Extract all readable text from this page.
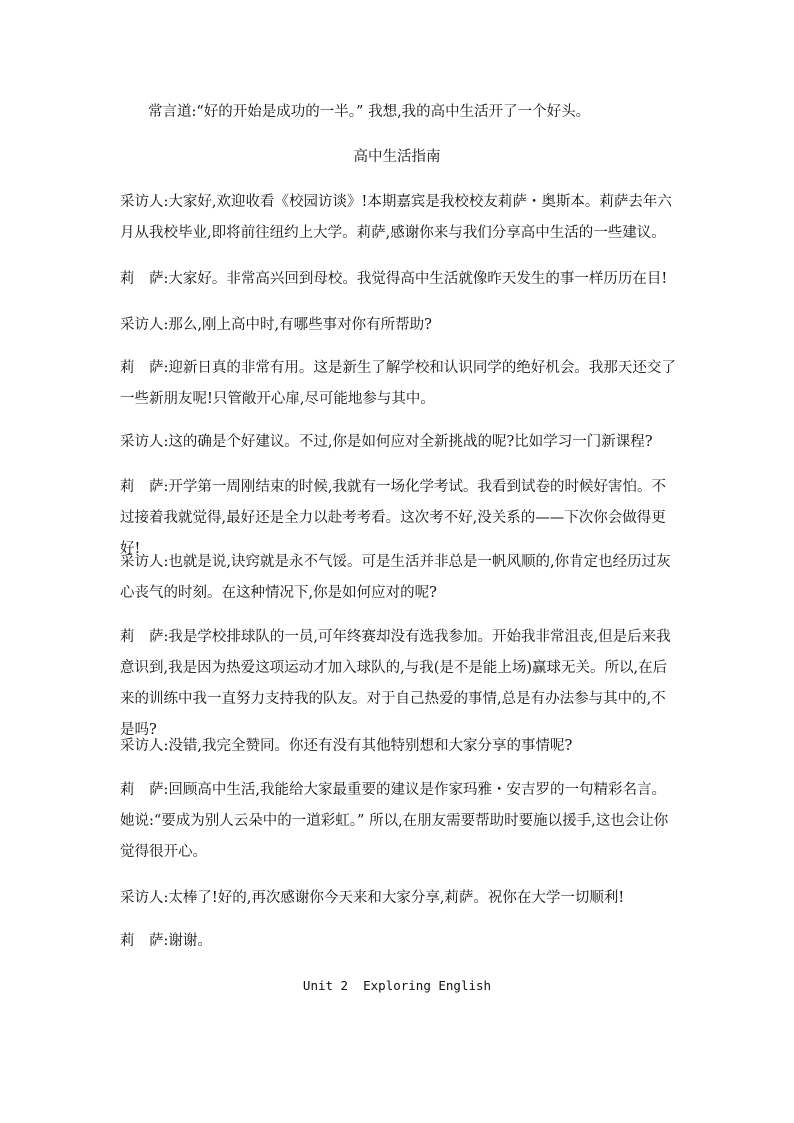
常言道:“好的开始是成功的一半。” 我想,我的高中生活开了一个好头。

高中生活指南

采访人:大家好,欢迎收看《校园访谈》!本期嘉宾是我校校友莉萨・奥斯本。莉萨去年六月从我校毕业,即将前往纽约上大学。莉萨,感谢你来与我们分享高中生活的一些建议。

莉　萨:大家好。非常高兴回到母校。我觉得高中生活就像昨天发生的事一样历历在目!

采访人:那么,刚上高中时,有哪些事对你有所帮助?

莉　萨:迎新日真的非常有用。这是新生了解学校和认识同学的绝好机会。我那天还交了一些新朋友呢!只管敞开心扉,尽可能地参与其中。

采访人:这的确是个好建议。不过,你是如何应对全新挑战的呢?比如学习一门新课程?

莉　萨:开学第一周刚结束的时候,我就有一场化学考试。我看到试卷的时候好害怕。不过接着我就觉得,最好还是全力以赴考考看。这次考不好,没关系的——下次你会做得更好!

采访人:也就是说,诀窍就是永不气馁。可是生活并非总是一帆风顺的,你肯定也经历过灰心丧气的时刻。在这种情况下,你是如何应对的呢?

莉　萨:我是学校排球队的一员,可年终赛却没有选我参加。开始我非常沮丧,但是后来我意识到,我是因为热爱这项运动才加入球队的,与我(是不是能上场)赢球无关。所以,在后来的训练中我一直努力支持我的队友。对于自己热爱的事情,总是有办法参与其中的,不是吗?

采访人:没错,我完全赞同。你还有没有其他特别想和大家分享的事情呢?

莉　萨:回顾高中生活,我能给大家最重要的建议是作家玛雅・安吉罗的一句精彩名言。她说:“要成为别人云朵中的一道彩虹。” 所以,在朋友需要帮助时要施以援手,这也会让你觉得很开心。

采访人:太棒了!好的,再次感谢你今天来和大家分享,莉萨。祝你在大学一切顺利!

莉　萨:谢谢。

Unit 2  Exploring English
